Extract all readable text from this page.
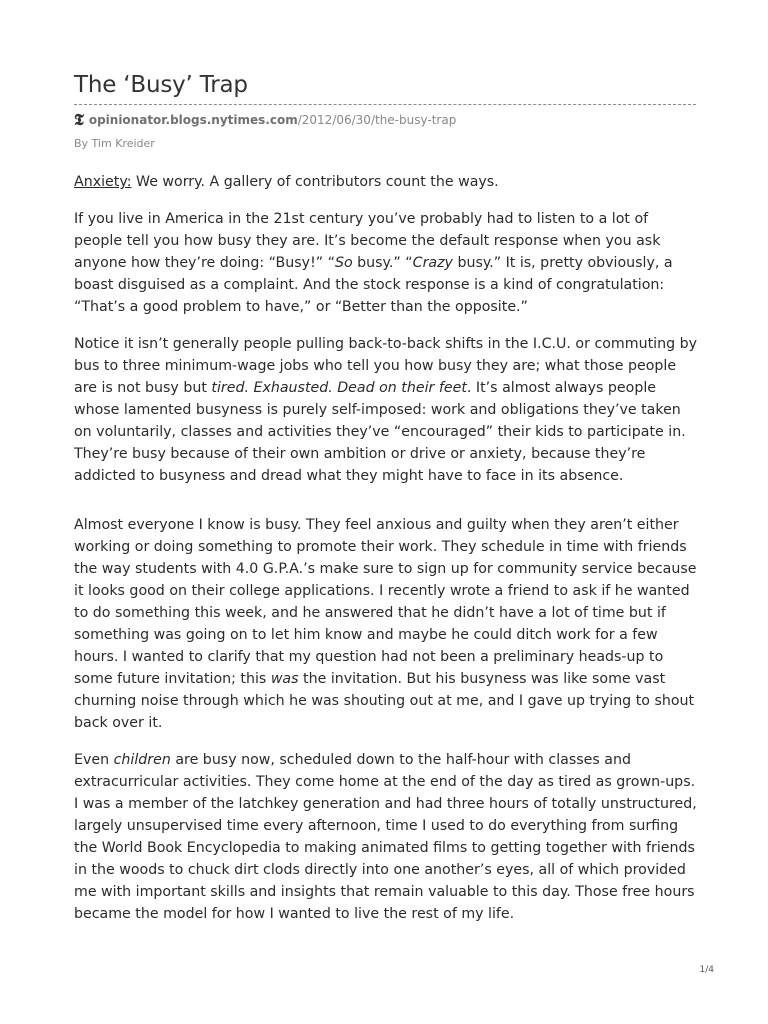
The ‘Busy’ Trap
𝕿 opinionator.blogs.nytimes.com /2012/06/30/the-busy-trap
By Tim Kreider

Anxiety: We worry. A gallery of contributors count the ways.

If you live in America in the 21st century you’ve probably had to listen to a lot of people tell you how busy they are. It’s become the default response when you ask anyone how they’re doing: “Busy!” “So busy.” “Crazy busy.” It is, pretty obviously, a boast disguised as a complaint. And the stock response is a kind of congratulation: “That’s a good problem to have,” or “Better than the opposite.”

Notice it isn’t generally people pulling back-to-back shifts in the I.C.U. or commuting by bus to three minimum-wage jobs who tell you how busy they are; what those people are is not busy but tired. Exhausted. Dead on their feet. It’s almost always people whose lamented busyness is purely self-imposed: work and obligations they’ve taken on voluntarily, classes and activities they’ve “encouraged” their kids to participate in. They’re busy because of their own ambition or drive or anxiety, because they’re addicted to busyness and dread what they might have to face in its absence.

Almost everyone I know is busy. They feel anxious and guilty when they aren’t either working or doing something to promote their work. They schedule in time with friends the way students with 4.0 G.P.A.’s make sure to sign up for community service because it looks good on their college applications. I recently wrote a friend to ask if he wanted to do something this week, and he answered that he didn’t have a lot of time but if something was going on to let him know and maybe he could ditch work for a few hours. I wanted to clarify that my question had not been a preliminary heads-up to some future invitation; this was the invitation. But his busyness was like some vast churning noise through which he was shouting out at me, and I gave up trying to shout back over it.

Even children are busy now, scheduled down to the half-hour with classes and extracurricular activities. They come home at the end of the day as tired as grown-ups. I was a member of the latchkey generation and had three hours of totally unstructured, largely unsupervised time every afternoon, time I used to do everything from surfing the World Book Encyclopedia to making animated films to getting together with friends in the woods to chuck dirt clods directly into one another’s eyes, all of which provided me with important skills and insights that remain valuable to this day. Those free hours became the model for how I wanted to live the rest of my life.

1/4
